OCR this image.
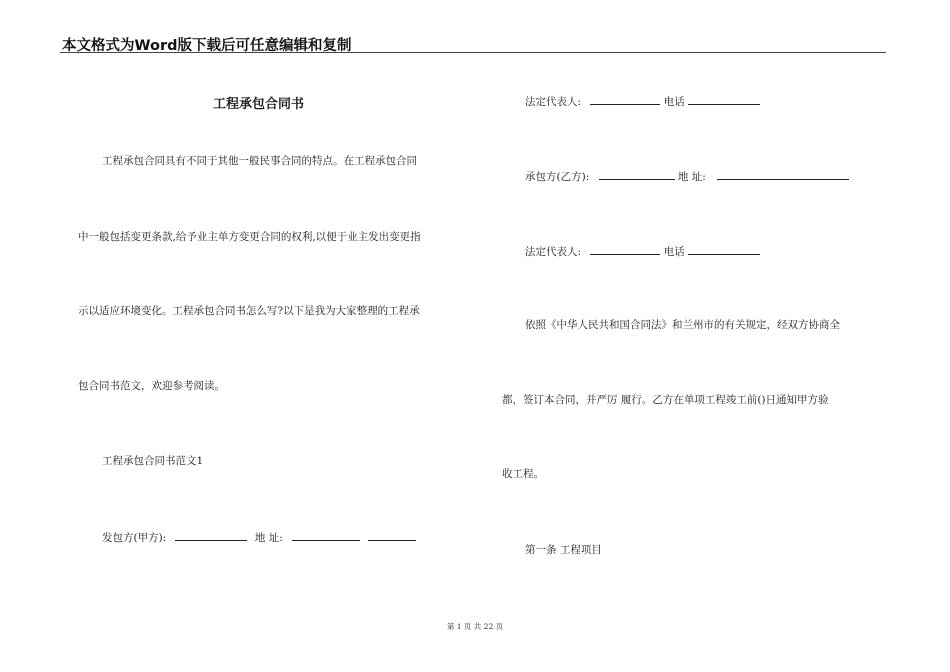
本文格式为Word版下载后可任意编辑和复制
工程承包合同书
工程承包合同具有不同于其他一般民事合同的特点。在工程承包合同
中一般包括变更条款,给予业主单方变更合同的权利,以便于业主发出变更指
示以适应环境变化。工程承包合同书怎么写?以下是我为大家整理的工程承
包合同书范文，欢迎参考阅读。
工程承包合同书范文1
发包方(甲方):	地 址:
法定代表人:	电话
承包方(乙方):	地 址:
法定代表人:	电话
依照《中华人民共和国合同法》和兰州市的有关规定，经双方协商全
都，签订本合同，并严厉 履行。乙方在单项工程竣工前()日通知甲方验
收工程。
第一条 工程项目
第 1 页 共 22 页
